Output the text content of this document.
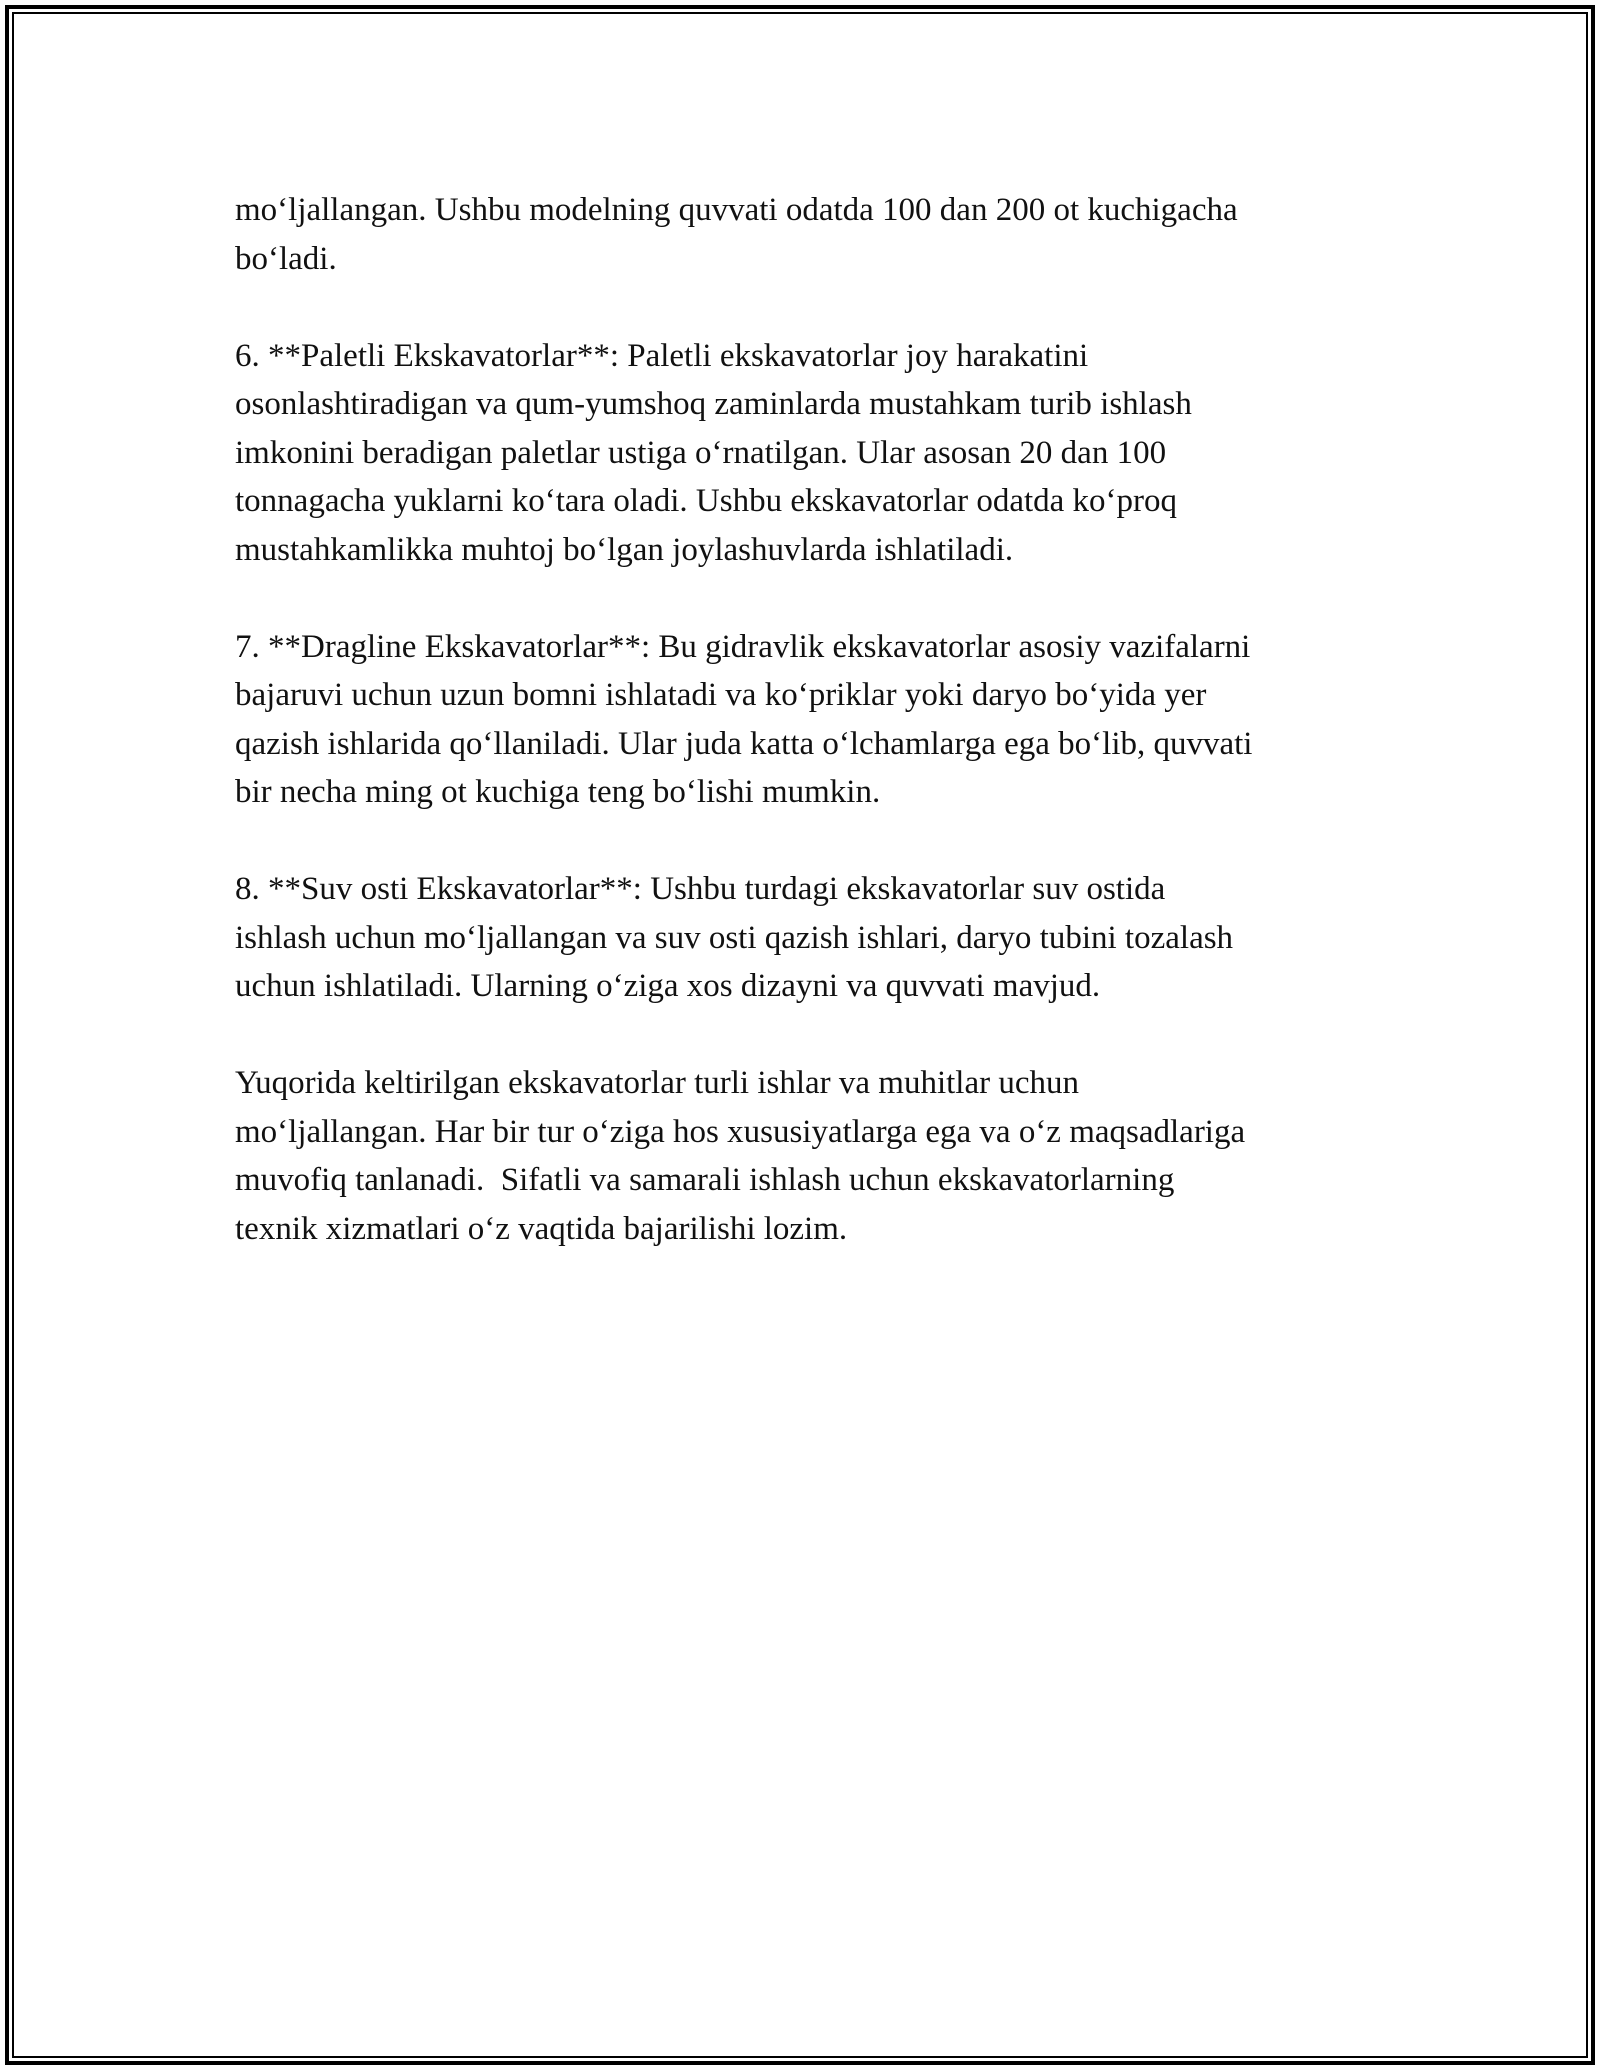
mo‘ljallangan. Ushbu modelning quvvati odatda 100 dan 200 ot kuchigacha
bo‘ladi.

6. **Paletli Ekskavatorlar**: Paletli ekskavatorlar joy harakatini
osonlashtiradigan va qum-yumshoq zaminlarda mustahkam turib ishlash
imkonini beradigan paletlar ustiga o‘rnatilgan. Ular asosan 20 dan 100
tonnagacha yuklarni ko‘tara oladi. Ushbu ekskavatorlar odatda ko‘proq
mustahkamlikka muhtoj bo‘lgan joylashuvlarda ishlatiladi.

7. **Dragline Ekskavatorlar**: Bu gidravlik ekskavatorlar asosiy vazifalarni
bajaruvi uchun uzun bomni ishlatadi va ko‘priklar yoki daryo bo‘yida yer
qazish ishlarida qo‘llaniladi. Ular juda katta o‘lchamlarga ega bo‘lib, quvvati
bir necha ming ot kuchiga teng bo‘lishi mumkin.

8. **Suv osti Ekskavatorlar**: Ushbu turdagi ekskavatorlar suv ostida
ishlash uchun mo‘ljallangan va suv osti qazish ishlari, daryo tubini tozalash
uchun ishlatiladi. Ularning o‘ziga xos dizayni va quvvati mavjud.

Yuqorida keltirilgan ekskavatorlar turli ishlar va muhitlar uchun
mo‘ljallangan. Har bir tur o‘ziga hos xususiyatlarga ega va o‘z maqsadlariga
muvofiq tanlanadi.  Sifatli va samarali ishlash uchun ekskavatorlarning
texnik xizmatlari o‘z vaqtida bajarilishi lozim.
